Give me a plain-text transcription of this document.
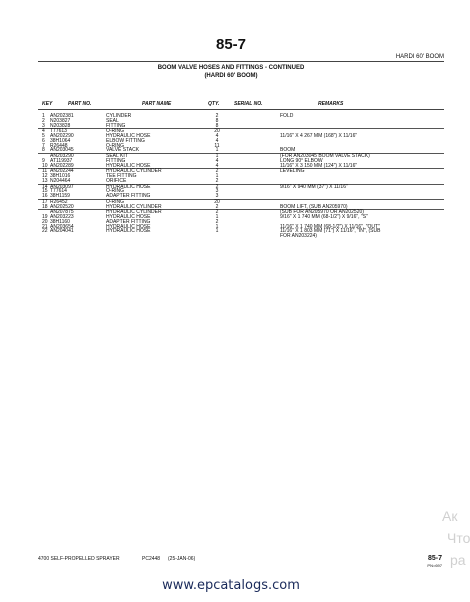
85-7
HARDI 60' BOOM
BOOM VALVE HOSES AND FITTINGS - CONTINUED
(HARDI 60' BOOM)
KEY	PART NO.	PART NAME	QTY.	SERIAL NO.	REMARKS
1 AN202381	CYLINDER	2	FOLD
2 N203827	SEAL	8
3 N203828	FITTING	8
4 T77613	O-RING	20
5 AN202290	HYDRAULIC HOSE	4	11/16" X 4 267 MM (168") X 11/16"
6 38H1064	ELBOW FITTING	4
7 R26448	O-RING	11
8 AN203045	VALVE STACK	1	BOOM
AN203290	SEAL KIT	1	(FOR AN203045 BOOM VALVE STACK)
9 AT119937	FITTING	4	LONG 90° ELBOW
10 AN202289	HYDRAULIC HOSE	4	11/16" X 3 150 MM (124") X 11/16"
11 AN202244	HYDRAULIC CYLINDER	2	LEVELING
12 38H1016	TEE FITTING	1
13 N204464	ORIFICE	2
14 AN203097	HYDRAULIC HOSE	2	9/16" X 940 MM (37") X 11/16"
15 T77614	O-RING	3
16 38H1159	ADAPTER FITTING	3
17 R26452	O-RING	20
18 AN202520	HYDRAULIC CYLINDER	2	BOOM LIFT, (SUB AN205970)
AN207875	HYDRAULIC CYLINDER	2	(SUB FOR AN205970 OR AN202520)
19 AN203223	HYDRAULIC HOSE	1	9/16" X 1 740 MM (68-1/2") X 9/16", "S"
20 38H1160	ADAPTER FITTING	2
21 AN203654	HYDRAULIC HOSE	1	11/16" X 1 740 MM (68-1/2") X 11/16", "OUT"
22 AN204041	HYDRAULIC HOSE	1	11/16" X 1 803 MM (71") X 11/16", "IN", (SUB
FOR AN203224)
4700 SELF-PROPELLED SPRAYER	PC2448 (25-JAN-06)	85-7
PN=697
Ак
Что
ра
www.epcatalogs.com
